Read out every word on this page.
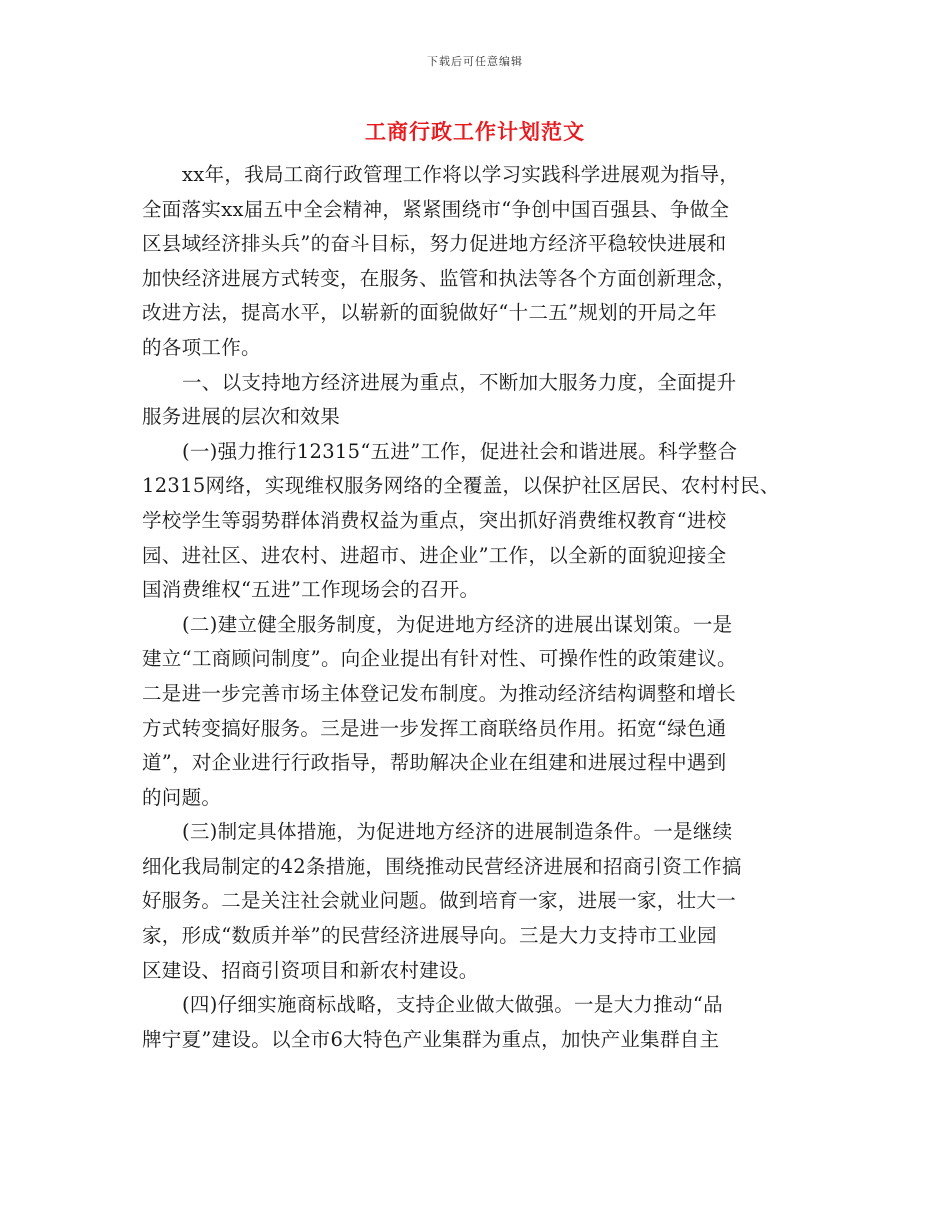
下载后可任意编辑
工商行政工作计划范文
xx年，我局工商行政管理工作将以学习实践科学进展观为指导，
全面落实xx届五中全会精神，紧紧围绕市“争创中国百强县、争做全
区县域经济排头兵”的奋斗目标，努力促进地方经济平稳较快进展和
加快经济进展方式转变，在服务、监管和执法等各个方面创新理念，
改进方法，提高水平，以崭新的面貌做好“十二五”规划的开局之年
的各项工作。
一、以支持地方经济进展为重点，不断加大服务力度，全面提升
服务进展的层次和效果
(一)强力推行12315“五进”工作，促进社会和谐进展。科学整合
12315网络，实现维权服务网络的全覆盖，以保护社区居民、农村村民、
学校学生等弱势群体消费权益为重点，突出抓好消费维权教育“进校
园、进社区、进农村、进超市、进企业”工作，以全新的面貌迎接全
国消费维权“五进”工作现场会的召开。
(二)建立健全服务制度，为促进地方经济的进展出谋划策。一是
建立“工商顾问制度”。向企业提出有针对性、可操作性的政策建议。
二是进一步完善市场主体登记发布制度。为推动经济结构调整和增长
方式转变搞好服务。三是进一步发挥工商联络员作用。拓宽“绿色通
道”，对企业进行行政指导，帮助解决企业在组建和进展过程中遇到
的问题。
(三)制定具体措施，为促进地方经济的进展制造条件。一是继续
细化我局制定的42条措施，围绕推动民营经济进展和招商引资工作搞
好服务。二是关注社会就业问题。做到培育一家，进展一家，壮大一
家，形成“数质并举”的民营经济进展导向。三是大力支持市工业园
区建设、招商引资项目和新农村建设。
(四)仔细实施商标战略，支持企业做大做强。一是大力推动“品
牌宁夏”建设。以全市6大特色产业集群为重点，加快产业集群自主
